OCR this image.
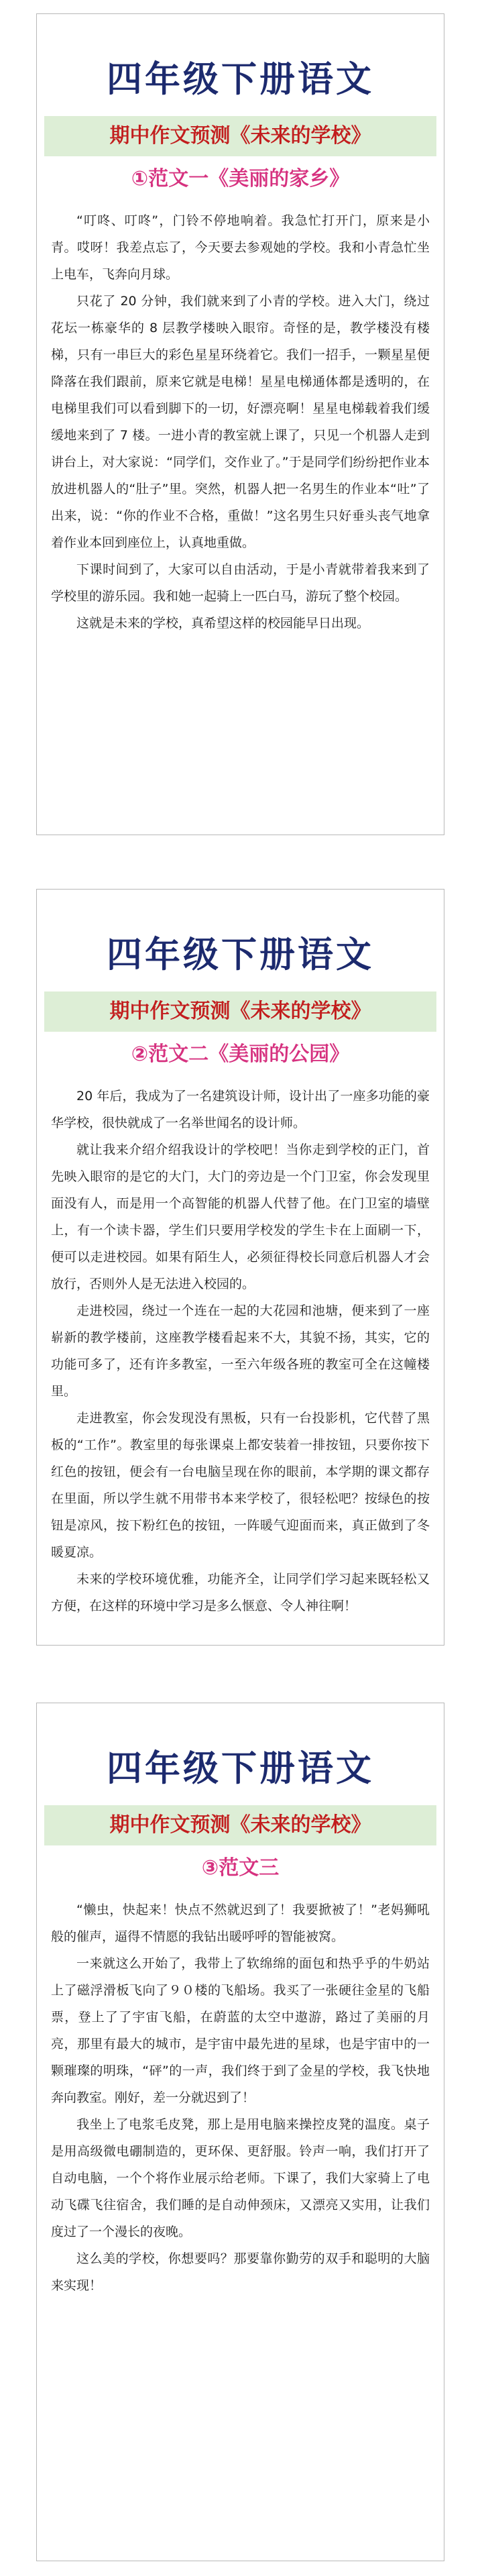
四年级下册语文
期中作文预测《未来的学校》
①范文一《美丽的家乡》

“叮咚、叮咚”，门铃不停地响着。我急忙打开门，原来是小青。哎呀！我差点忘了，今天要去参观她的学校。我和小青急忙坐上电车，飞奔向月球。

只花了 20 分钟，我们就来到了小青的学校。进入大门，绕过花坛一栋豪华的 8 层教学楼映入眼帘。奇怪的是，教学楼没有楼梯，只有一串巨大的彩色星星环绕着它。我们一招手，一颗星星便降落在我们跟前，原来它就是电梯！星星电梯通体都是透明的，在电梯里我们可以看到脚下的一切，好漂亮啊！星星电梯载着我们缓缓地来到了 7 楼。一进小青的教室就上课了，只见一个机器人走到讲台上，对大家说：“同学们，交作业了。”于是同学们纷纷把作业本放进机器人的“肚子”里。突然，机器人把一名男生的作业本“吐”了出来，说：“你的作业不合格，重做！”这名男生只好垂头丧气地拿着作业本回到座位上，认真地重做。

下课时间到了，大家可以自由活动，于是小青就带着我来到了学校里的游乐园。我和她一起骑上一匹白马，游玩了整个校园。

这就是未来的学校，真希望这样的校园能早日出现。

四年级下册语文
期中作文预测《未来的学校》
②范文二《美丽的公园》

20 年后，我成为了一名建筑设计师，设计出了一座多功能的豪华学校，很快就成了一名举世闻名的设计师。

就让我来介绍介绍我设计的学校吧！当你走到学校的正门，首先映入眼帘的是它的大门，大门的旁边是一个门卫室，你会发现里面没有人，而是用一个高智能的机器人代替了他。在门卫室的墙壁上，有一个读卡器，学生们只要用学校发的学生卡在上面刷一下，便可以走进校园。如果有陌生人，必须征得校长同意后机器人才会放行，否则外人是无法进入校园的。

走进校园，绕过一个连在一起的大花园和池塘，便来到了一座崭新的教学楼前，这座教学楼看起来不大，其貌不扬，其实，它的功能可多了，还有许多教室，一至六年级各班的教室可全在这幢楼里。

走进教室，你会发现没有黑板，只有一台投影机，它代替了黑板的“工作”。教室里的每张课桌上都安装着一排按钮，只要你按下红色的按钮，便会有一台电脑呈现在你的眼前，本学期的课文都存在里面，所以学生就不用带书本来学校了，很轻松吧？按绿色的按钮是凉风，按下粉红色的按钮，一阵暖气迎面而来，真正做到了冬暖夏凉。

未来的学校环境优雅，功能齐全，让同学们学习起来既轻松又方便，在这样的环境中学习是多么惬意、令人神往啊！

四年级下册语文
期中作文预测《未来的学校》
③范文三

“懒虫，快起来！快点不然就迟到了！我要掀被了！”老妈狮吼般的催声，逼得不情愿的我钻出暖呼呼的智能被窝。

一来就这么开始了，我带上了软绵绵的面包和热乎乎的牛奶站上了磁浮滑板飞向了９０楼的飞船场。我买了一张硬往金星的飞船票，登上了了宇宙飞船，在蔚蓝的太空中遨游，路过了美丽的月亮，那里有最大的城市，是宇宙中最先进的星球，也是宇宙中的一颗璀璨的明珠，“砰”的一声，我们终于到了金星的学校，我飞快地奔向教室。刚好，差一分就迟到了！

我坐上了电浆毛皮凳，那上是用电脑来操控皮凳的温度。桌子是用高级微电硼制造的，更环保、更舒服。铃声一响，我们打开了自动电脑，一个个将作业展示给老师。下课了，我们大家骑上了电动飞碟飞往宿舍，我们睡的是自动伸颈床，又漂亮又实用，让我们度过了一个漫长的夜晚。

这么美的学校，你想要吗？那要靠你勤劳的双手和聪明的大脑来实现！
